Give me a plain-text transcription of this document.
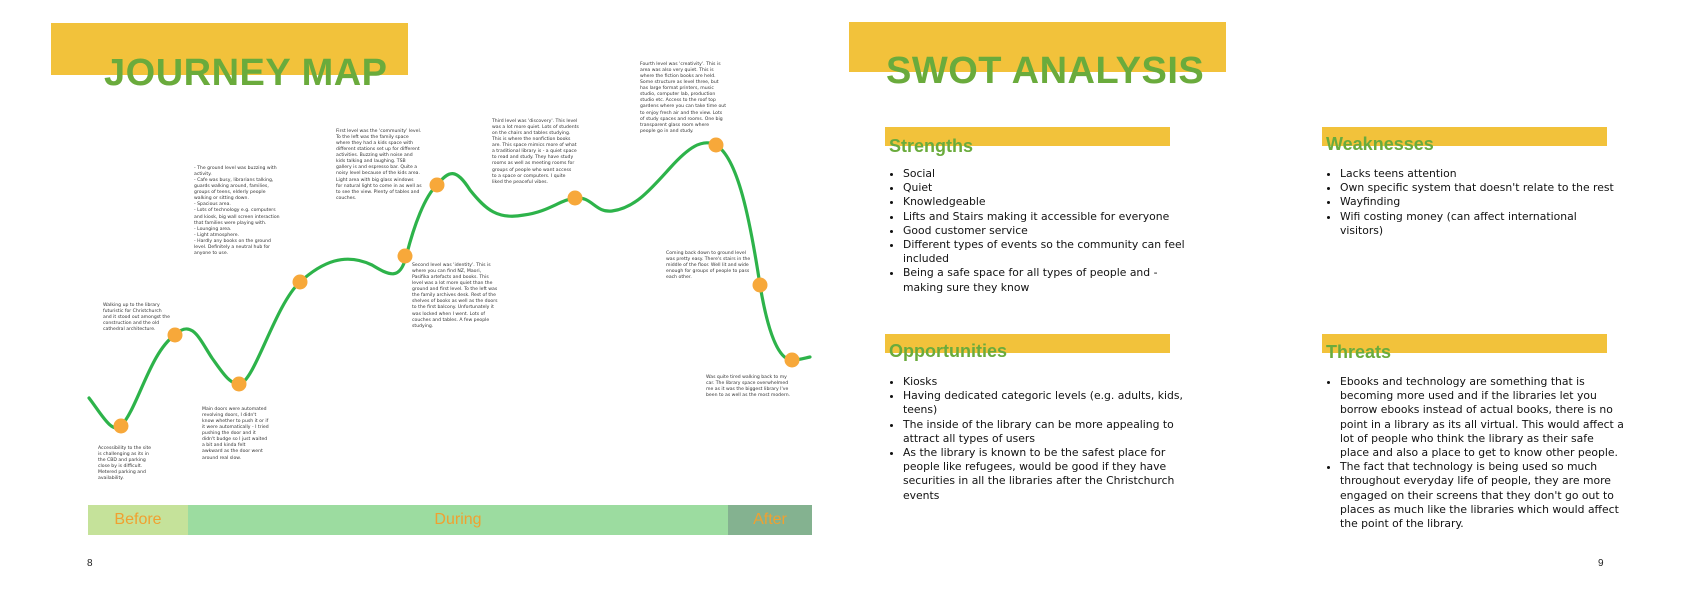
JOURNEY MAP

Walking up to the library
futuristic for Christchurch
and it stood out amongst the
construction and the old
cathedral architecture.

Accessibility to the site
is challenging as its in
the CBD and parking
close by is difficult.
Metered parking and
availability.

Main doors were automated
revolving doors, I didn't
know whether to push it or if
it were automatically - I tried
pushing the door and it
didn't budge so I just waited
a bit and kinda felt
awkward as the door went
around real slow.

- The ground level was buzzing with
activity.
- Cafe was busy, librarians talking,
guards walking around, families,
groups of teens, elderly people
walking or sitting down.
- Spacious area.
- Lots of technology e.g. computers
and kiosk, big wall screen interaction
that families were playing with.
- Lounging area.
- Light atmosphere.
- Hardly any books on the ground
level. Definitely a neutral hub for
anyone to use.

First level was the 'community' level.
To the left was the family space
where they had a kids space with
different stations set up for different
activities. Buzzing with noise and
kids talking and laughing. TSB
gallery is and espresso bar. Quite a
noisy level because of the kids area.
Light area with big glass windows
for natural light to come in as well as
to see the view. Plenty of tables and
couches.

Second level was 'identity'. This is
where you can find NZ, Maori,
Pasifika artefacts and books. This
level was a lot more quiet than the
ground and first level. To the left was
the family archives desk. Rest of the
shelves of books as well as the doors
to the first balcony. Unfortunately it
was locked when I went. Lots of
couches and tables. A few people
studying.

Third level was 'discovery'. This level
was a lot more quiet. Lots of students
on the chairs and tables studying.
This is where the nonfiction books
are. This space mimics more of what
a traditional library is - a quiet space
to read and study. They have study
rooms as well as meeting rooms for
groups of people who want access
to a space or computers. I quite
liked the peaceful vibes.

Fourth level was 'creativity'. This is
area was also very quiet. This is
where the fiction books are held.
Some structure as level three, but
has large format printers, music
studio, computer lab, production
studio etc. Access to the roof top
gardens where you can take time out
to enjoy fresh air and the view. Lots
of study spaces and rooms. One big
transparent glass room where
people go in and study.

Coming back down to ground level
was pretty easy. There's stairs in the
middle of the floor. Well lit and wide
enough for groups of people to pass
each other.

Was quite tired walking back to my
car. The library space overwhelmed
me as it was the biggest library I've
been to as well as the most modern.

Before	During	After
8
SWOT ANALYSIS
Strengths
• Social
• Quiet
• Knowledgeable
• Lifts and Stairs making it accessible for everyone
• Good customer service
• Different types of events so the community can feel included
• Being a safe space for all types of people and - making sure they know
Weaknesses
• Lacks teens attention
• Own specific system that doesn't relate to the rest
• Wayfinding
• Wifi costing money (can affect international visitors)
Opportunities
• Kiosks
• Having dedicated categoric levels (e.g. adults, kids, teens)
• The inside of the library can be more appealing to attract all types of users
• As the library is known to be the safest place for people like refugees, would be good if they have securities in all the libraries after the Christchurch events
Threats
• Ebooks and technology are something that is becoming more used and if the libraries let you borrow ebooks instead of actual books, there is no point in a library as its all virtual. This would affect a lot of people who think the library as their safe place and also a place to get to know other people.
• The fact that technology is being used so much throughout everyday life of people, they are more engaged on their screens that they don't go out to places as much like the libraries which would affect the point of the library.
9
